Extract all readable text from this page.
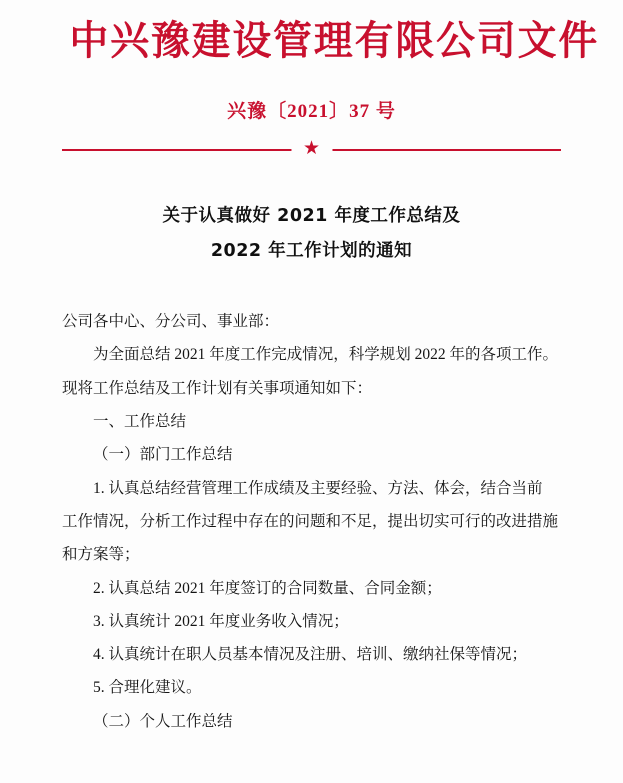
中兴豫建设管理有限公司文件
兴豫〔2021〕37 号
★
关于认真做好 2021 年度工作总结及
2022 年工作计划的通知

公司各中心、分公司、事业部：

为全面总结 2021 年度工作完成情况，科学规划 2022 年的各项工作。

现将工作总结及工作计划有关事项通知如下：

一、工作总结

（一）部门工作总结

1. 认真总结经营管理工作成绩及主要经验、方法、体会，结合当前

工作情况，分析工作过程中存在的问题和不足，提出切实可行的改进措施

和方案等；

2. 认真总结 2021 年度签订的合同数量、合同金额；

3. 认真统计 2021 年度业务收入情况；

4. 认真统计在职人员基本情况及注册、培训、缴纳社保等情况；

5. 合理化建议。

（二）个人工作总结
